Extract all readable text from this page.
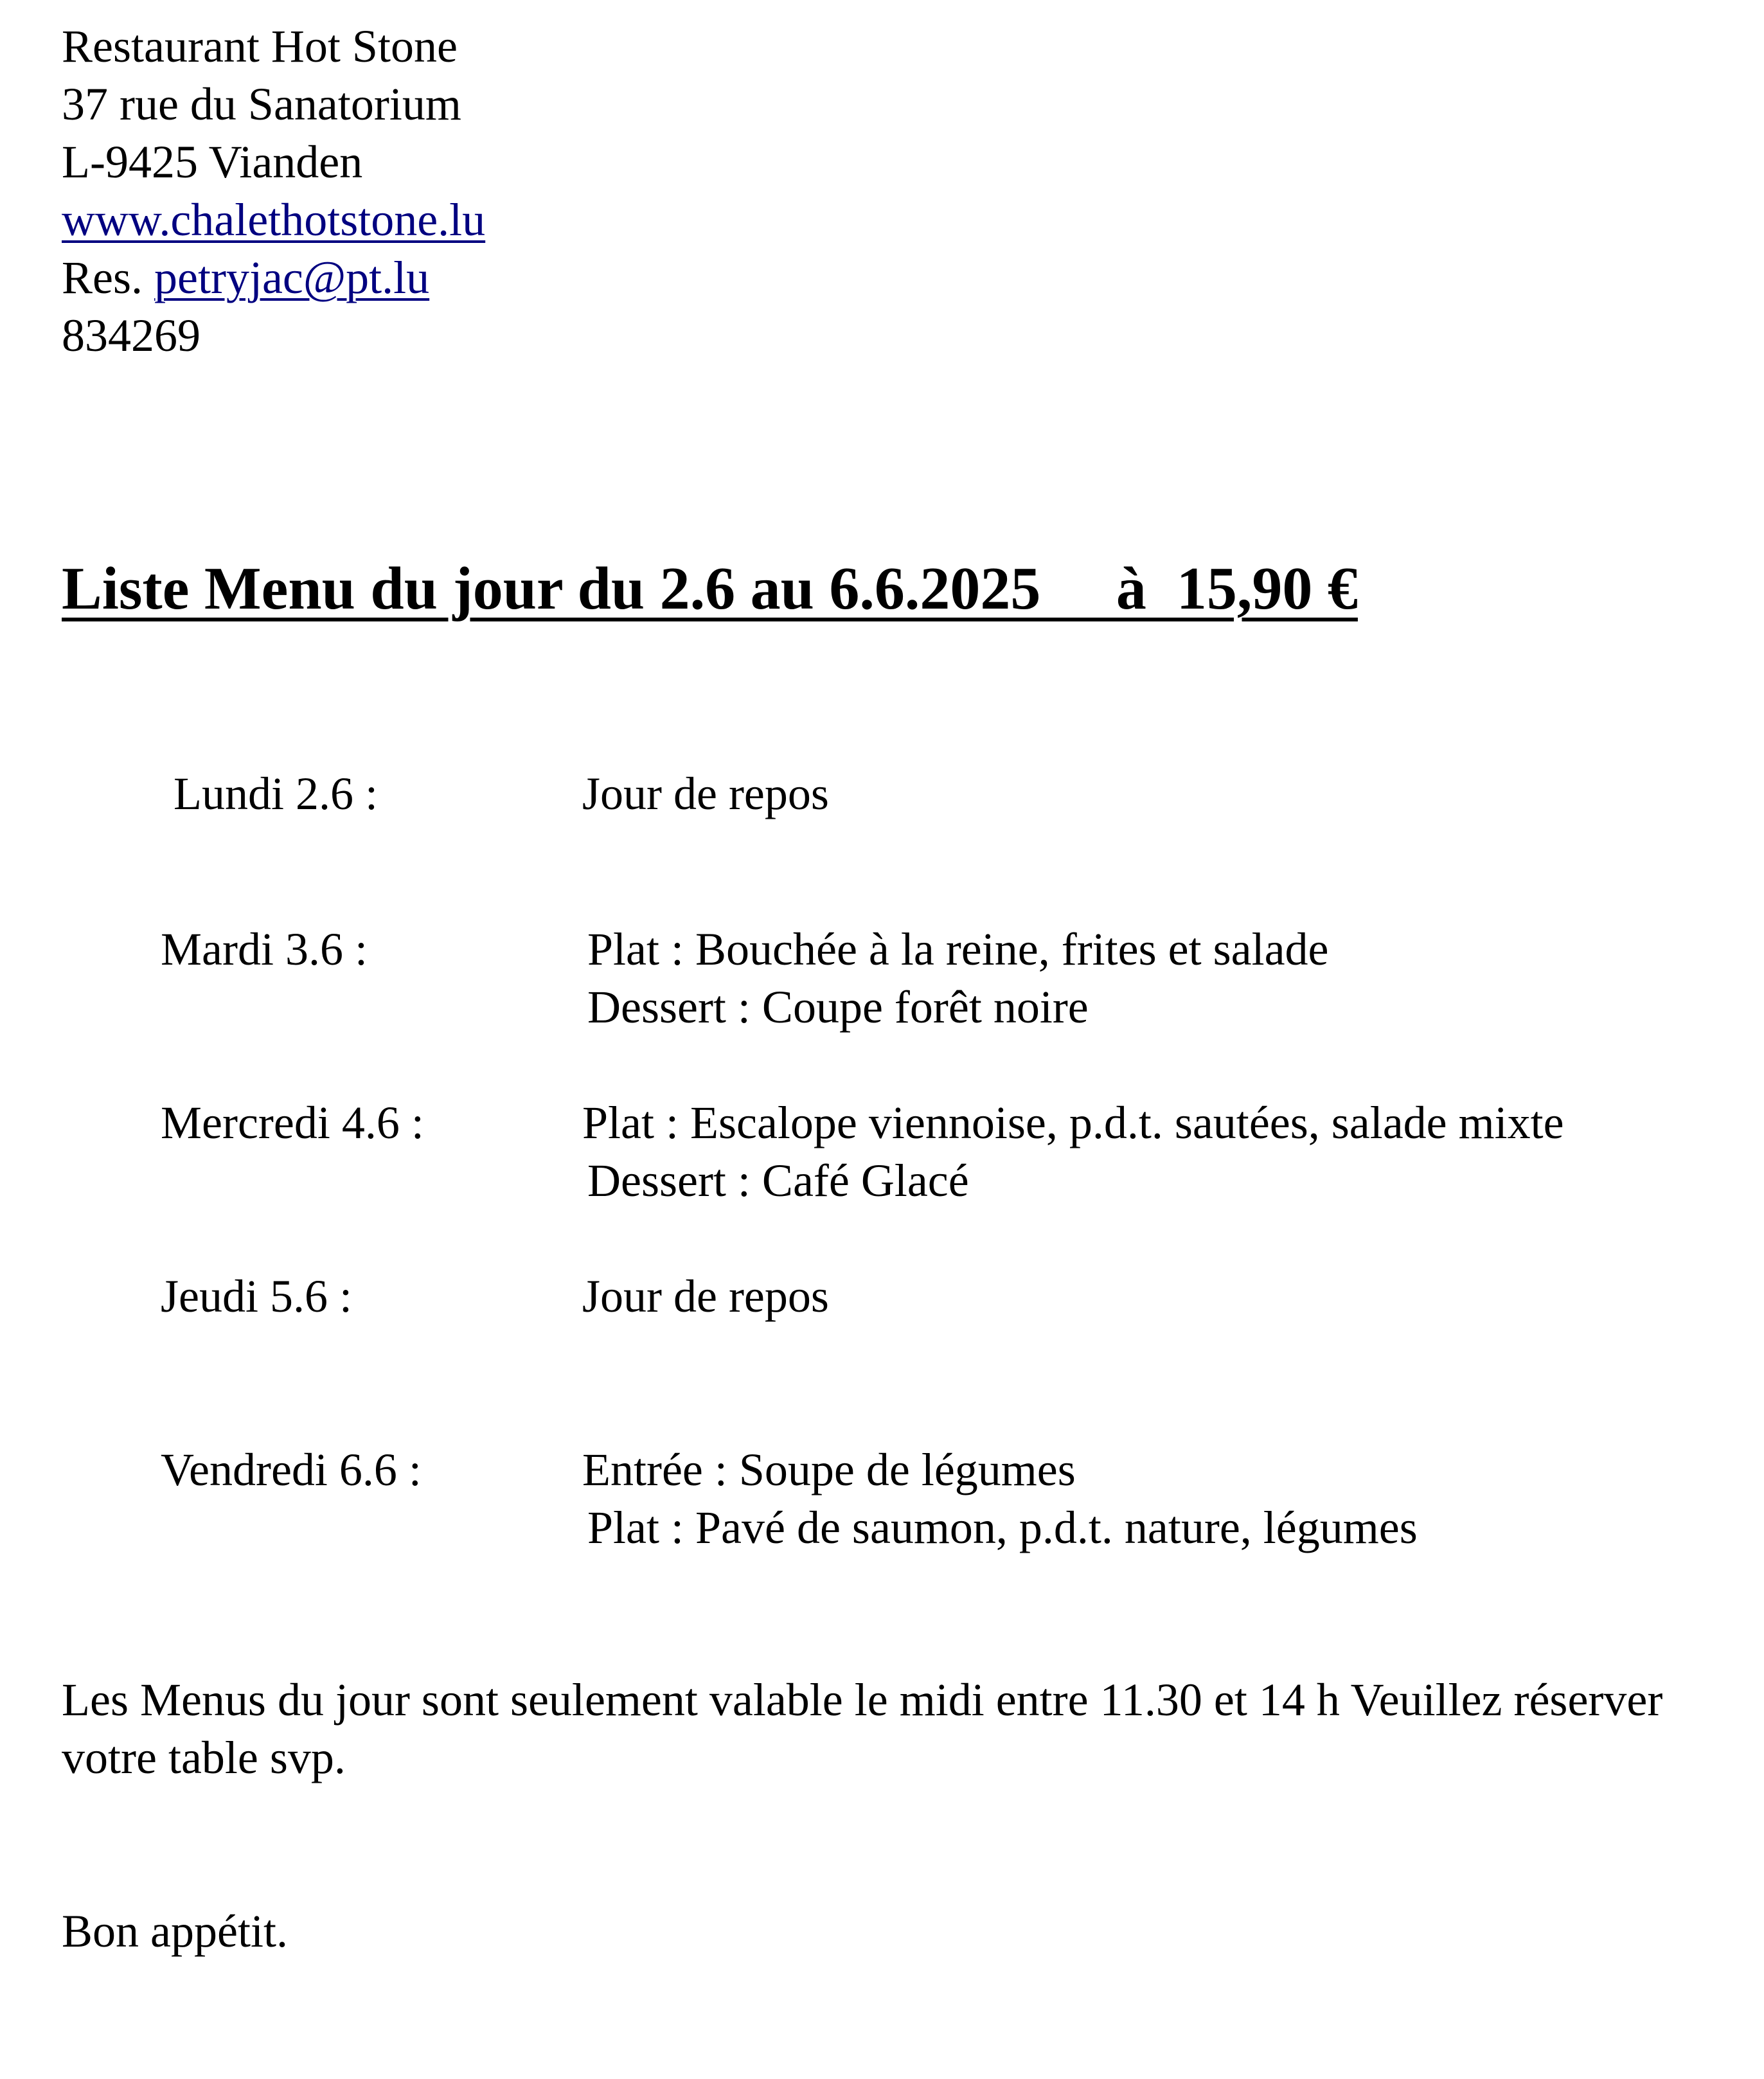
Restaurant Hot Stone
37 rue du Sanatorium
L-9425 Vianden
www.chalethotstone.lu
Res. petryjac@pt.lu
834269
Liste Menu du jour du 2.6 au 6.6.2025     à  15,90 €
Lundi 2.6 :	Jour de repos
Mardi 3.6 :	Plat : Bouchée à la reine, frites et salade
Dessert : Coupe forêt noire
Mercredi 4.6 :	Plat : Escalope viennoise, p.d.t. sautées, salade mixte
Dessert : Café Glacé
Jeudi 5.6 :	Jour de repos
Vendredi 6.6 :	Entrée : Soupe de légumes
Plat : Pavé de saumon, p.d.t. nature, légumes
Les Menus du jour sont seulement valable le midi entre 11.30 et 14 h Veuillez réserver votre table svp.
Bon appétit.
